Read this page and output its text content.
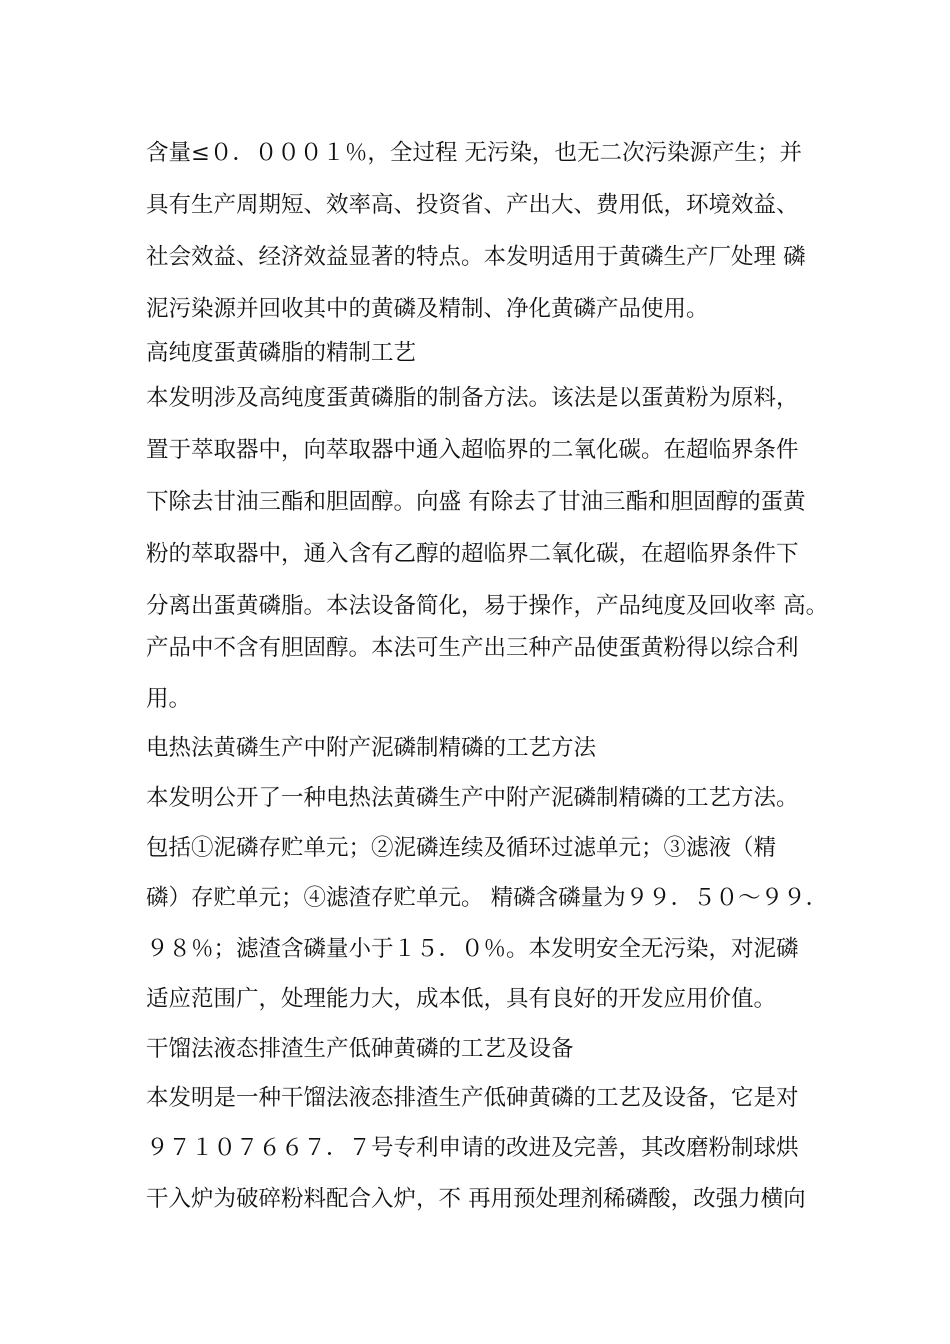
含量≤０．０００１％，全过程 无污染，也无二次污染源产生；并
具有生产周期短、效率高、投资省、产出大、费用低，环境效益、
社会效益、经济效益显著的特点。本发明适用于黄磷生产厂处理 磷
泥污染源并回收其中的黄磷及精制、净化黄磷产品使用。
高纯度蛋黄磷脂的精制工艺
本发明涉及高纯度蛋黄磷脂的制备方法。该法是以蛋黄粉为原料，
置于萃取器中，向萃取器中通入超临界的二氧化碳。在超临界条件
下除去甘油三酯和胆固醇。向盛 有除去了甘油三酯和胆固醇的蛋黄
粉的萃取器中，通入含有乙醇的超临界二氧化碳，在超临界条件下
分离出蛋黄磷脂。本法设备简化，易于操作，产品纯度及回收率 高。
产品中不含有胆固醇。本法可生产出三种产品使蛋黄粉得以综合利
用。
电热法黄磷生产中附产泥磷制精磷的工艺方法
本发明公开了一种电热法黄磷生产中附产泥磷制精磷的工艺方法。
包括①泥磷存贮单元；②泥磷连续及循环过滤单元；③滤液（精
磷）存贮单元；④滤渣存贮单元。 精磷含磷量为９９．５０～９９．
９８％；滤渣含磷量小于１５．０％。本发明安全无污染，对泥磷
适应范围广，处理能力大，成本低，具有良好的开发应用价值。
干馏法液态排渣生产低砷黄磷的工艺及设备
本发明是一种干馏法液态排渣生产低砷黄磷的工艺及设备，它是对
９７１０７６６７．７号专利申请的改进及完善，其改磨粉制球烘
干入炉为破碎粉料配合入炉，不 再用预处理剂稀磷酸，改强力横向
